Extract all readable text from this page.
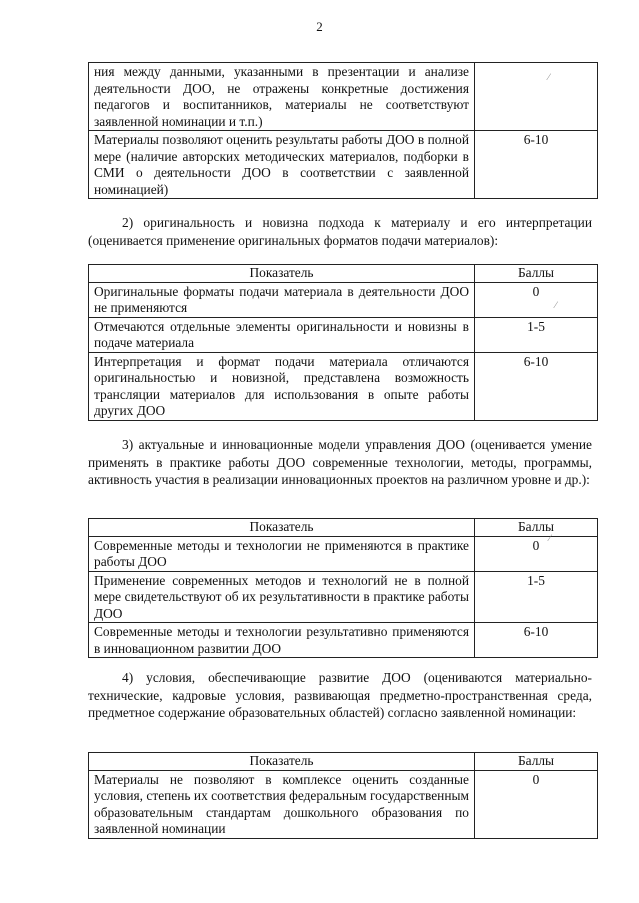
2
ния между данными, указанными в презентации и анализе деятельности ДОО, не отражены конкретные достижения педагогов и воспитанников, материалы не соответствуют заявленной номинации и т.п.)	
Материалы позволяют оценить результаты работы ДОО в полной мере (наличие авторских методических материалов, подборки в СМИ о деятельности ДОО в соответствии с заявленной номинацией)	6-10
2) оригинальность и новизна подхода к материалу и его интерпретации (оценивается применение оригинальных форматов подачи материалов):
Показатель	Баллы
Оригинальные форматы подачи материала в деятельности ДОО не применяются	0
Отмечаются отдельные элементы оригинальности и новизны в подаче материала	1-5
Интерпретация и формат подачи материала отличаются оригинальностью и новизной, представлена возможность трансляции материалов для использования в опыте работы других ДОО	6-10
3) актуальные и инновационные модели управления ДОО (оценивается умение применять в практике работы ДОО современные технологии, методы, программы, активность участия в реализации инновационных проектов на различном уровне и др.):
Показатель	Баллы
Современные методы и технологии не применяются в практике работы ДОО	0
Применение современных методов и технологий не в полной мере свидетельствуют об их результативности в практике работы ДОО	1-5
Современные методы и технологии результативно применяются в инновационном развитии ДОО	6-10
4) условия, обеспечивающие развитие ДОО (оцениваются материально-технические, кадровые условия, развивающая предметно-пространственная среда, предметное содержание образовательных областей) согласно заявленной номинации:
Показатель	Баллы
Материалы не позволяют в комплексе оценить созданные условия, степень их соответствия федеральным государственным образовательным стандартам дошкольного образования по заявленной номинации	0
⁄
⁄
⁄
